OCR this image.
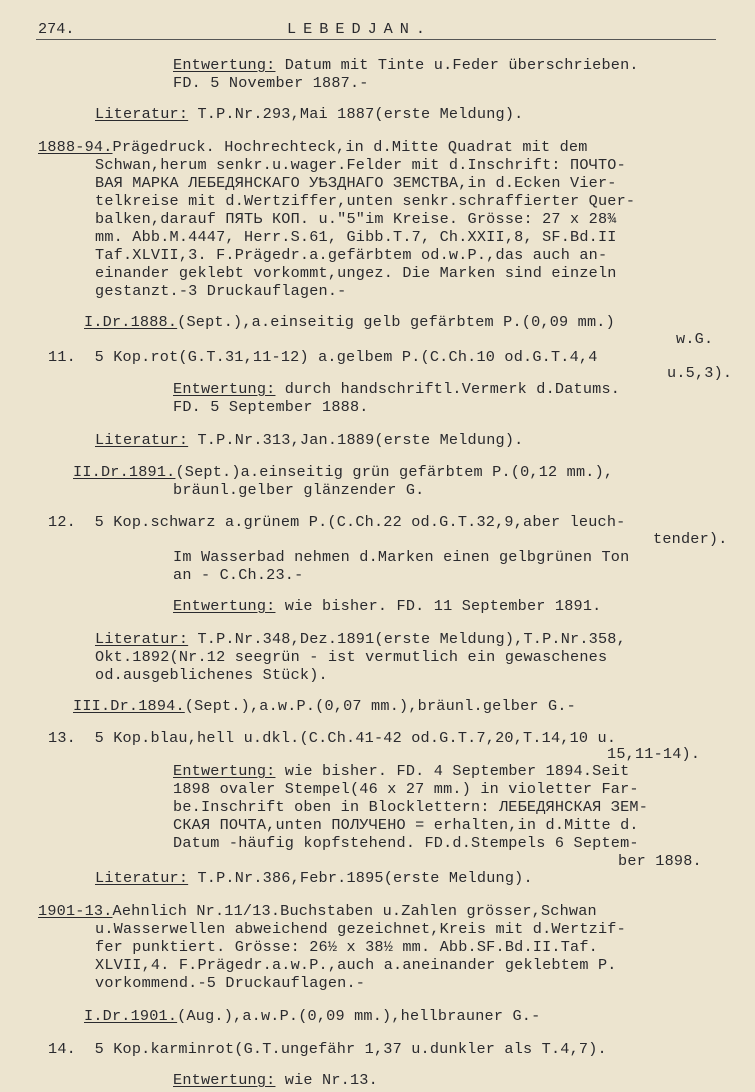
274.	LEBEDJAN.
Entwertung: Datum mit Tinte u.Feder überschrieben.
FD. 5 November 1887.-
Literatur: T.P.Nr.293,Mai 1887(erste Meldung).
1888-94.Prägedruck. Hochrechteck,in d.Mitte Quadrat mit dem
Schwan,herum senkr.u.wager.Felder mit d.Inschrift: ПОЧТО-
ВАЯ МАРКА ЛЕБЕДЯНСКАГО УѢЗДНАГО ЗЕМСТВА,in d.Ecken Vier-
telkreise mit d.Wertziffer,unten senkr.schraffierter Quer-
balken,darauf ПЯТЬ КОП. u."5"im Kreise. Grösse: 27 x 28¾
mm. Abb.M.4447, Herr.S.61, Gibb.T.7, Ch.XXII,8, SF.Bd.II
Taf.XLVII,3. F.Prägedr.a.gefärbtem od.w.P.,das auch an-
einander geklebt vorkommt,ungez. Die Marken sind einzeln
gestanzt.-3 Druckauflagen.-
I.Dr.1888.(Sept.),a.einseitig gelb gefärbtem P.(0,09 mm.)
w.G.
11.  5 Kop.rot(G.T.31,11-12) a.gelbem P.(C.Ch.10 od.G.T.4,4
u.5,3).
Entwertung: durch handschriftl.Vermerk d.Datums.
FD. 5 September 1888.
Literatur: T.P.Nr.313,Jan.1889(erste Meldung).
II.Dr.1891.(Sept.)a.einseitig grün gefärbtem P.(0,12 mm.),
bräunl.gelber glänzender G.
12.  5 Kop.schwarz a.grünem P.(C.Ch.22 od.G.T.32,9,aber leuch-
tender).
Im Wasserbad nehmen d.Marken einen gelbgrünen Ton
an - C.Ch.23.-
Entwertung: wie bisher. FD. 11 September 1891.
Literatur: T.P.Nr.348,Dez.1891(erste Meldung),T.P.Nr.358,
Okt.1892(Nr.12 seegrün - ist vermutlich ein gewaschenes
od.ausgeblichenes Stück).
III.Dr.1894.(Sept.),a.w.P.(0,07 mm.),bräunl.gelber G.-
13.  5 Kop.blau,hell u.dkl.(C.Ch.41-42 od.G.T.7,20,T.14,10 u.
15,11-14).
Entwertung: wie bisher. FD. 4 September 1894.Seit
1898 ovaler Stempel(46 x 27 mm.) in violetter Far-
be.Inschrift oben in Blocklettern: ЛЕБЕДЯНСКАЯ ЗЕМ-
СКАЯ ПОЧТА,unten ПОЛУЧЕНО = erhalten,in d.Mitte d.
Datum -häufig kopfstehend. FD.d.Stempels 6 Septem-
ber 1898.
Literatur: T.P.Nr.386,Febr.1895(erste Meldung).
1901-13.Aehnlich Nr.11/13.Buchstaben u.Zahlen grösser,Schwan
u.Wasserwellen abweichend gezeichnet,Kreis mit d.Wertzif-
fer punktiert. Grösse: 26½ x 38½ mm. Abb.SF.Bd.II.Taf.
XLVII,4. F.Prägedr.a.w.P.,auch a.aneinander geklebtem P.
vorkommend.-5 Druckauflagen.-
I.Dr.1901.(Aug.),a.w.P.(0,09 mm.),hellbrauner G.-
14.  5 Kop.karminrot(G.T.ungefähr 1,37 u.dunkler als T.4,7).
Entwertung: wie Nr.13.
